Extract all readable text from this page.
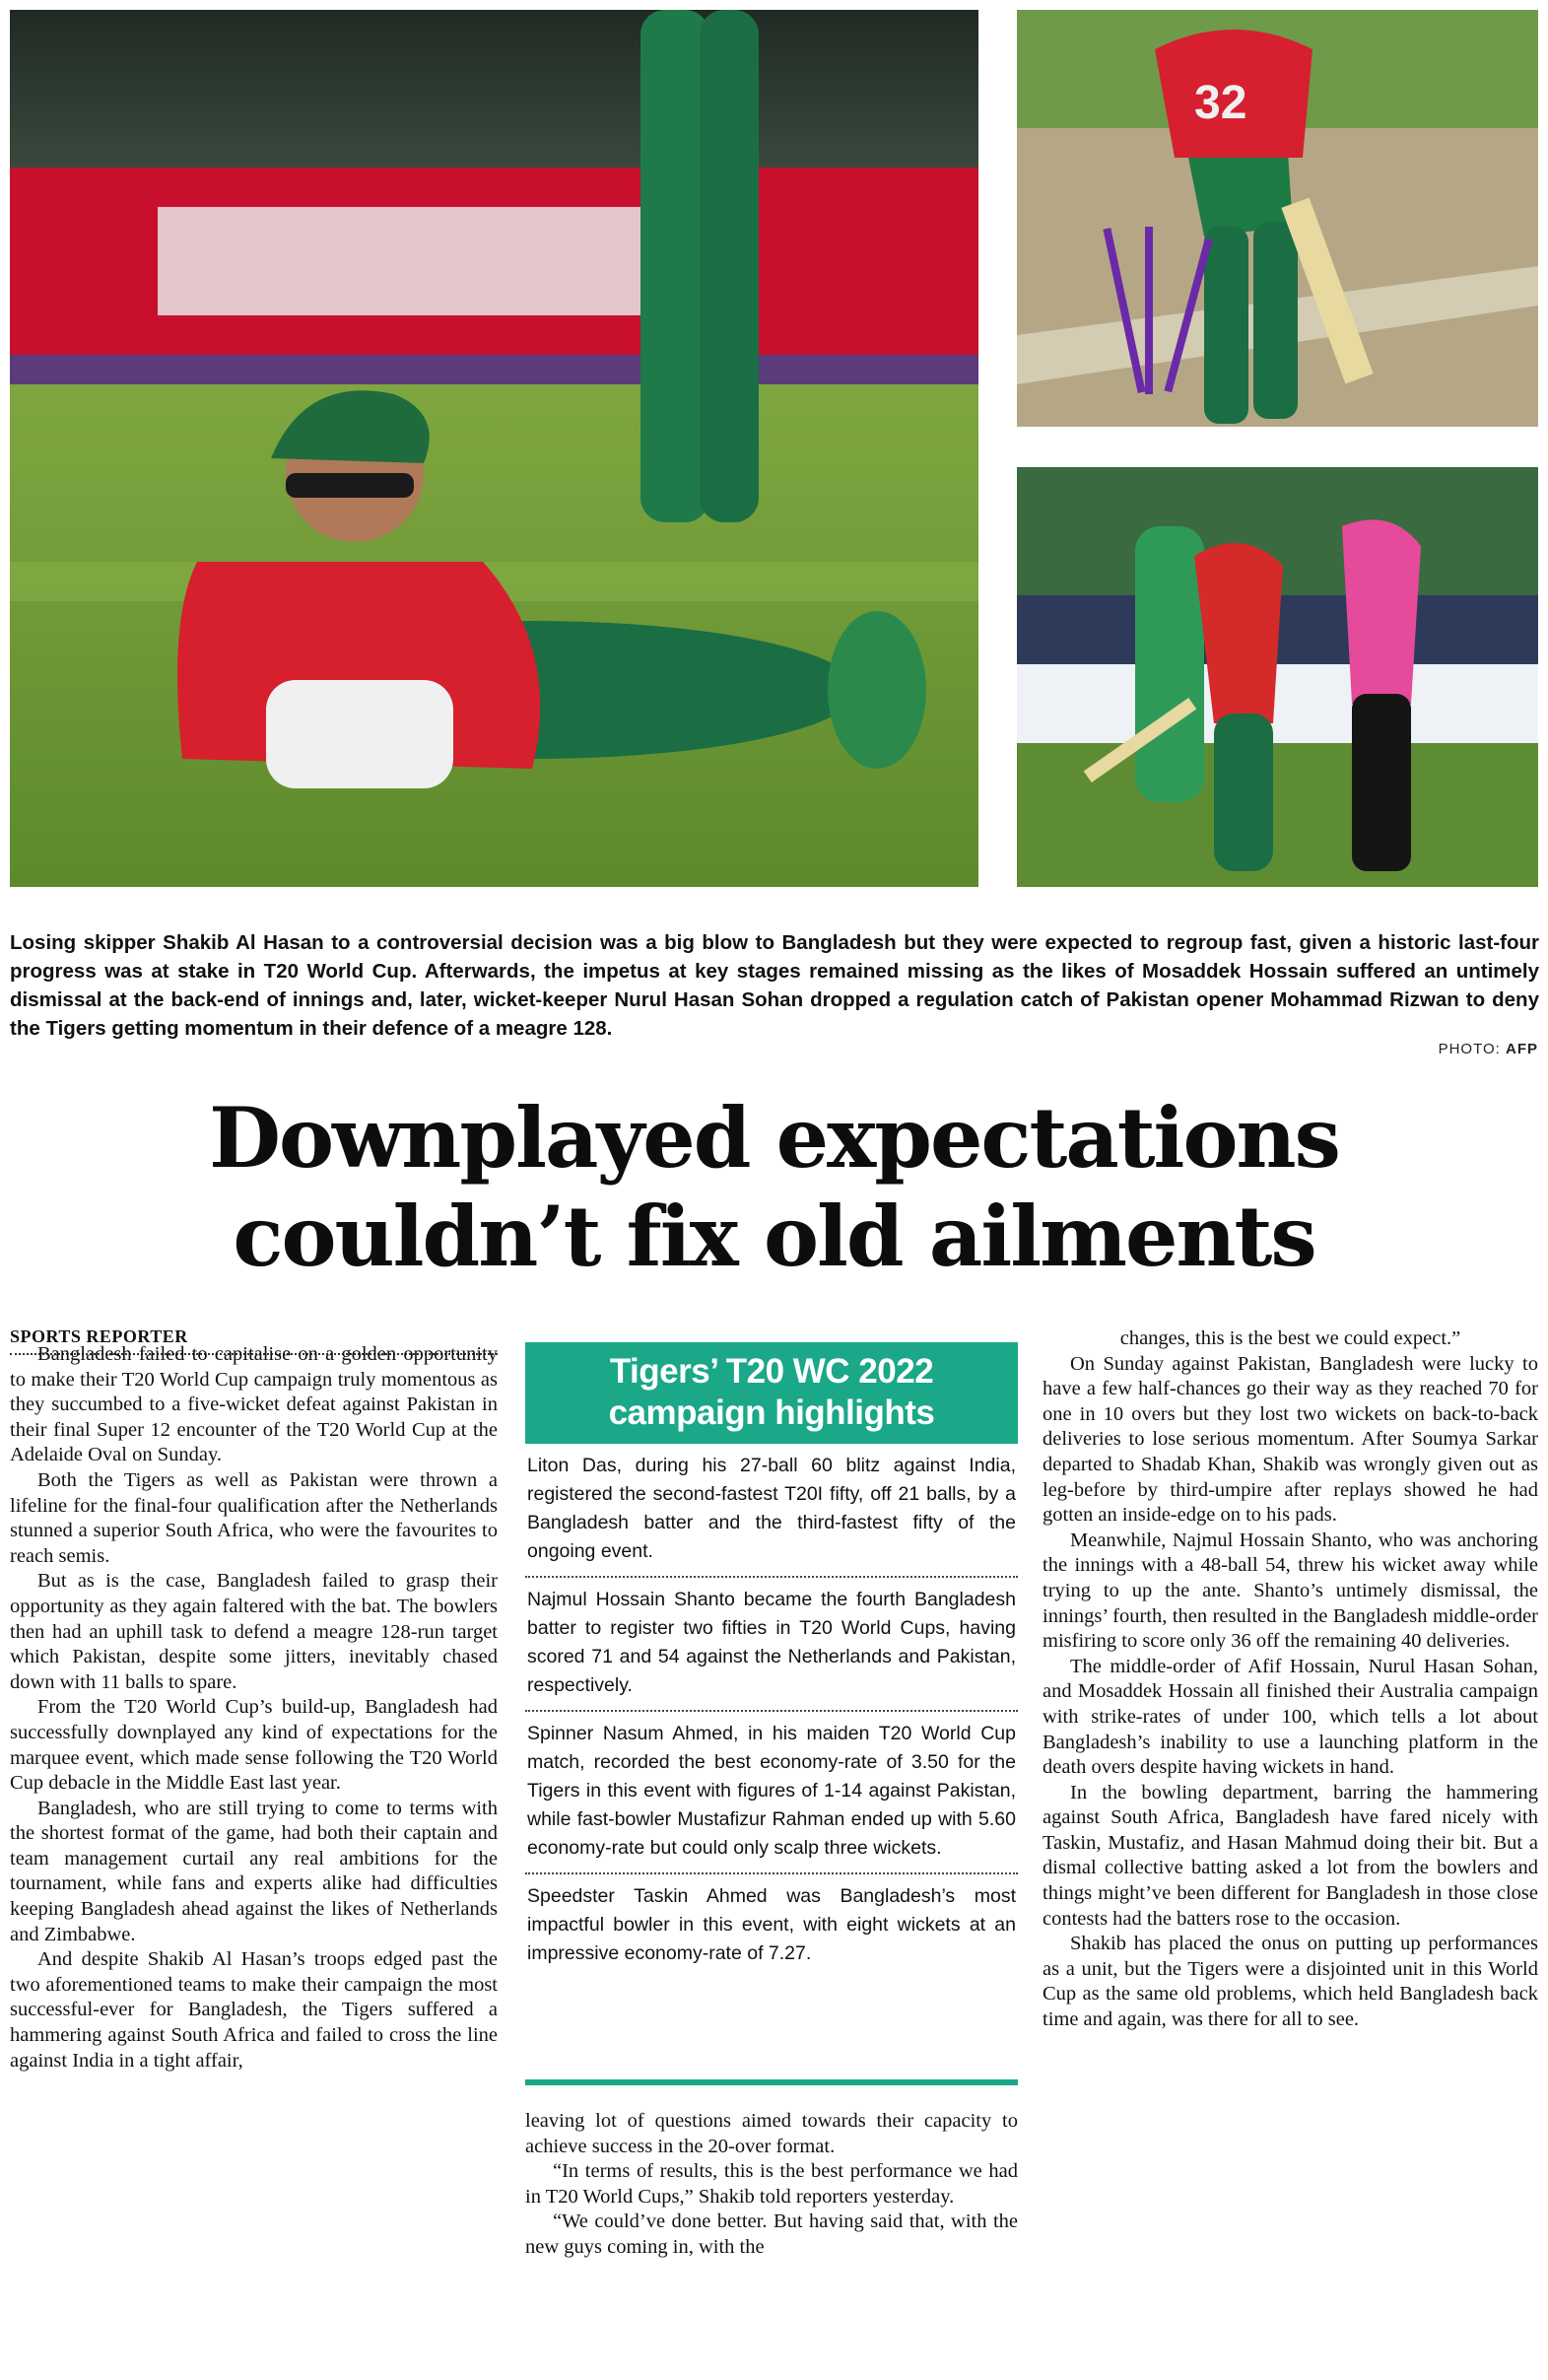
32
Losing skipper Shakib Al Hasan to a controversial decision was a big blow to Bangladesh but they were expected to regroup fast, given a historic last-four progress was at stake in T20 World Cup. Afterwards, the impetus at key stages remained missing as the likes of Mosaddek Hossain suffered an untimely dismissal at the back-end of innings and, later, wicket-keeper Nurul Hasan Sohan dropped a regulation catch of Pakistan opener Mohammad Rizwan to deny the Tigers getting momentum in their defence of a meagre 128.
PHOTO: AFP
Downplayed expectations
couldn’t fix old ailments
SPORTS REPORTER

Bangladesh failed to capitalise on a golden opportunity to make their T20 World Cup campaign truly momentous as they succumbed to a five-wicket defeat against Pakistan in their final Super 12 encounter of the T20 World Cup at the Adelaide Oval on Sunday.

Both the Tigers as well as Pakistan were thrown a lifeline for the final-four qualification after the Netherlands stunned a superior South Africa, who were the favourites to reach semis.

But as is the case, Bangladesh failed to grasp their opportunity as they again faltered with the bat. The bowlers then had an uphill task to defend a meagre 128-run target which Pakistan, despite some jitters, inevitably chased down with 11 balls to spare.

From the T20 World Cup’s build-up, Bangladesh had successfully downplayed any kind of expectations for the marquee event, which made sense following the T20 World Cup debacle in the Middle East last year.

Bangladesh, who are still trying to come to terms with the shortest format of the game, had both their captain and team management curtail any real ambitions for the tournament, while fans and experts alike had difficulties keeping Bangladesh ahead against the likes of Netherlands and Zimbabwe.

And despite Shakib Al Hasan’s troops edged past the two aforementioned teams to make their campaign the most successful-ever for Bangladesh, the Tigers suffered a hammering against South Africa and failed to cross the line against India in a tight affair,

Tigers’ T20 WC 2022
campaign highlights

Liton Das, during his 27-ball 60 blitz against India, registered the second-fastest T20I fifty, off 21 balls, by a Bangladesh batter and the third-fastest fifty of the ongoing event.

Najmul Hossain Shanto became the fourth Bangladesh batter to register two fifties in T20 World Cups, having scored 71 and 54 against the Netherlands and Pakistan, respectively.

Spinner Nasum Ahmed, in his maiden T20 World Cup match, recorded the best economy-rate of 3.50 for the Tigers in this event with figures of 1-14 against Pakistan, while fast-bowler Mustafizur Rahman ended up with 5.60 economy-rate but could only scalp three wickets.

Speedster Taskin Ahmed was Bangladesh’s most impactful bowler in this event, with eight wickets at an impressive economy-rate of 7.27.

leaving lot of questions aimed towards their capacity to achieve success in the 20-over format.

“In terms of results, this is the best performance we had in T20 World Cups,” Shakib told reporters yesterday.

“We could’ve done better. But having said that, with the new guys coming in, with the

changes, this is the best we could expect.”

On Sunday against Pakistan, Bangladesh were lucky to have a few half-chances go their way as they reached 70 for one in 10 overs but they lost two wickets on back-to-back deliveries to lose serious momentum. After Soumya Sarkar departed to Shadab Khan, Shakib was wrongly given out as leg-before by third-umpire after replays showed he had gotten an inside-edge on to his pads.

Meanwhile, Najmul Hossain Shanto, who was anchoring the innings with a 48-ball 54, threw his wicket away while trying to up the ante. Shanto’s untimely dismissal, the innings’ fourth, then resulted in the Bangladesh middle-order misfiring to score only 36 off the remaining 40 deliveries.

The middle-order of Afif Hossain, Nurul Hasan Sohan, and Mosaddek Hossain all finished their Australia campaign with strike-rates of under 100, which tells a lot about Bangladesh’s inability to use a launching platform in the death overs despite having wickets in hand.

In the bowling department, barring the hammering against South Africa, Bangladesh have fared nicely with Taskin, Mustafiz, and Hasan Mahmud doing their bit. But a dismal collective batting asked a lot from the bowlers and things might’ve been different for Bangladesh in those close contests had the batters rose to the occasion.

Shakib has placed the onus on putting up performances as a unit, but the Tigers were a disjointed unit in this World Cup as the same old problems, which held Bangladesh back time and again, was there for all to see.
